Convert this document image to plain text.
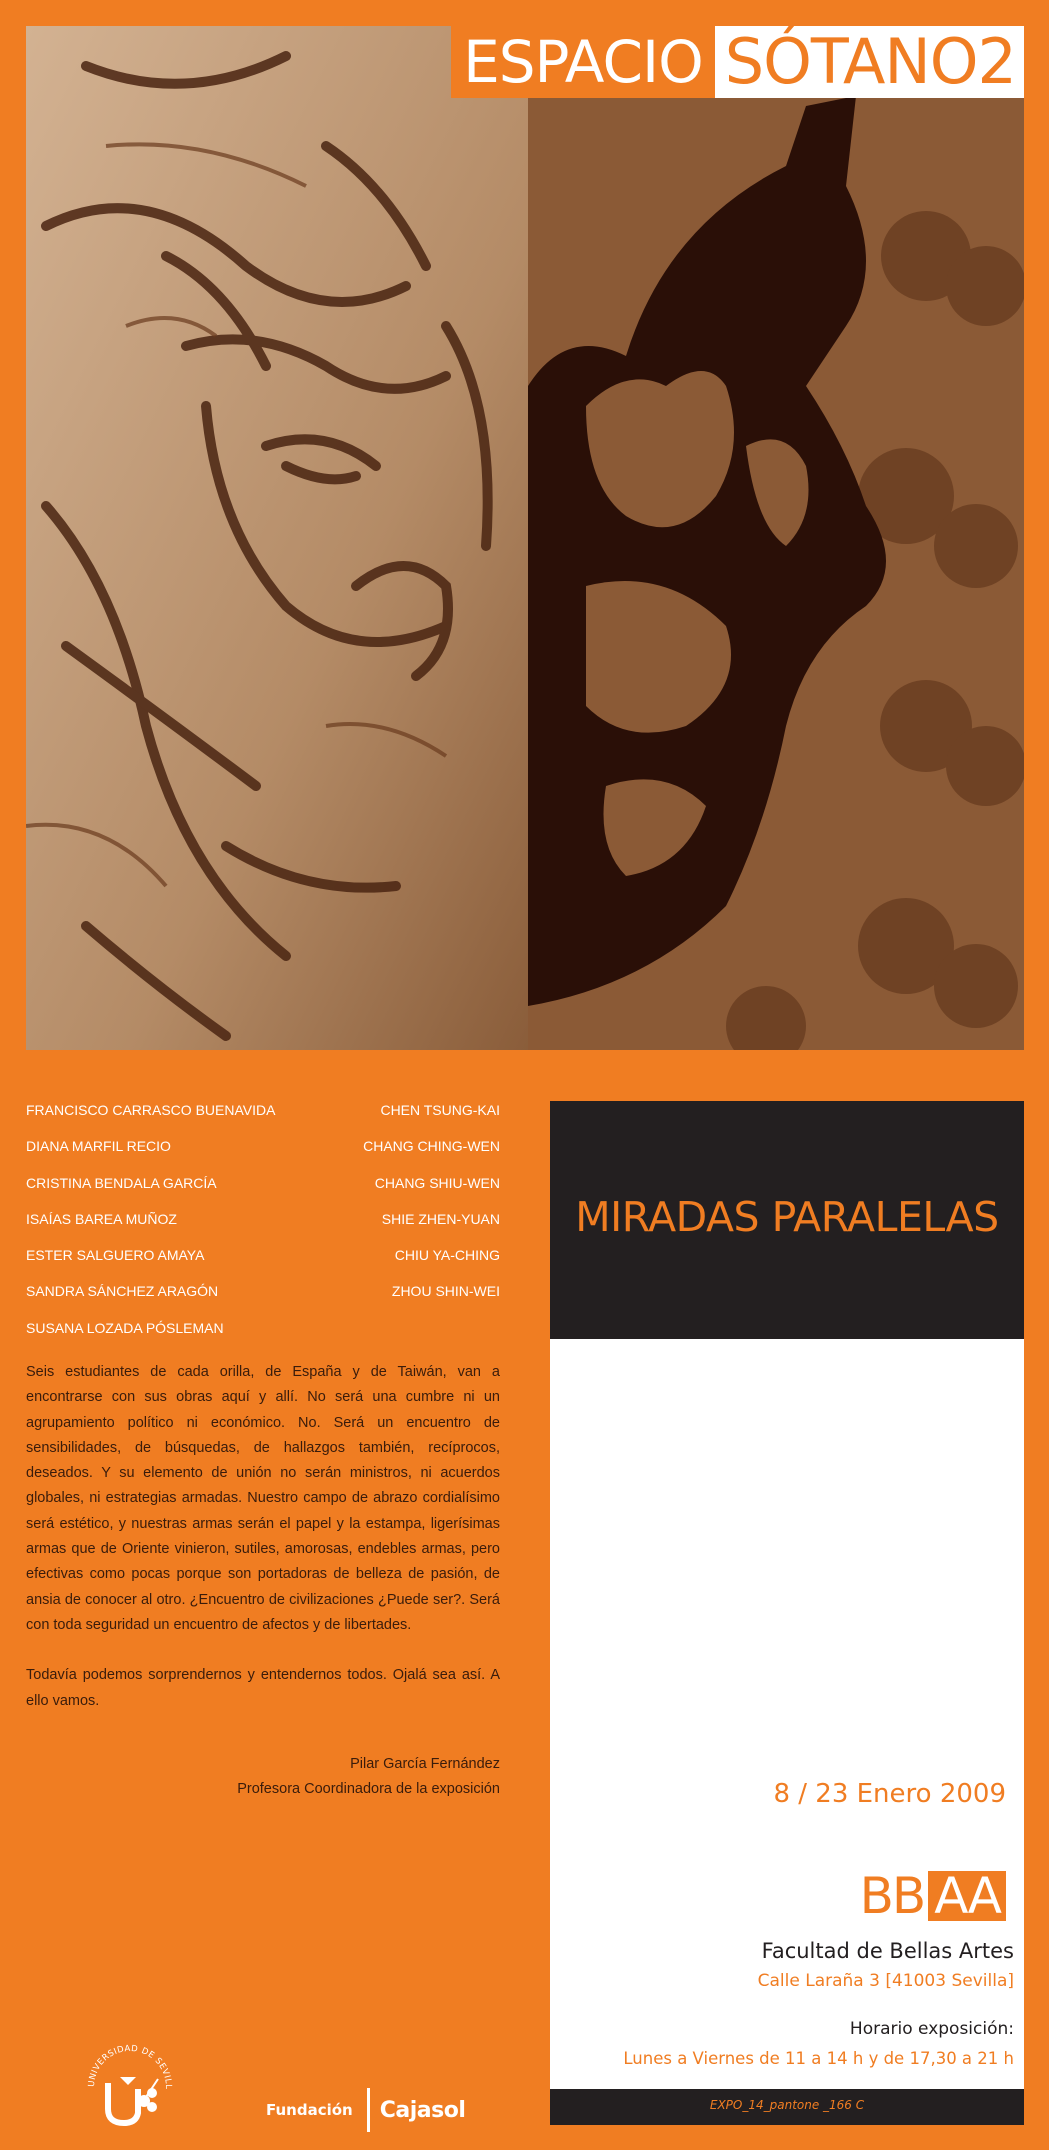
ESPACIO SÓTANO2
FRANCISCO CARRASCO BUENAVIDA	CHEN TSUNG-KAI
DIANA MARFIL RECIO	CHANG CHING-WEN
CRISTINA BENDALA GARCÍA	CHANG SHIU-WEN
ISAÍAS BAREA MUÑOZ	SHIE ZHEN-YUAN
ESTER SALGUERO AMAYA	CHIU YA-CHING
SANDRA SÁNCHEZ ARAGÓN	ZHOU SHIN-WEI
SUSANA LOZADA PÓSLEMAN

Seis estudiantes de cada orilla, de España y de Taiwán, van a encontrarse con sus obras aquí y allí. No será una cumbre ni un agrupamiento político ni económico. No. Será un encuentro de sensibilidades, de búsquedas, de hallazgos también, recíprocos, deseados. Y su elemento de unión no serán ministros, ni acuerdos globales, ni estrategias armadas. Nuestro campo de abrazo cordialísimo será estético, y nuestras armas serán el papel y la estampa, ligerísimas armas que de Oriente vinieron, sutiles, amorosas, endebles armas, pero efectivas como pocas porque son portadoras de belleza de pasión, de ansia de conocer al otro. ¿Encuentro de civilizaciones ¿Puede ser?. Será con toda seguridad un encuentro de afectos y de libertades.

Todavía podemos sorprendernos y entendernos todos. Ojalá sea así. A ello vamos.

Pilar García Fernández
Profesora Coordinadora de la exposición
UNIVERSIDAD DE SEVILL
Fundación Cajasol
MIRADAS PARALELAS
8 / 23 Enero 2009
BB AA
Facultad de Bellas Artes
Calle Laraña 3 [41003 Sevilla]
Horario exposición:
Lunes a Viernes de 11 a 14 h y de 17,30 a 21 h
EXPO_14_pantone _166 C
